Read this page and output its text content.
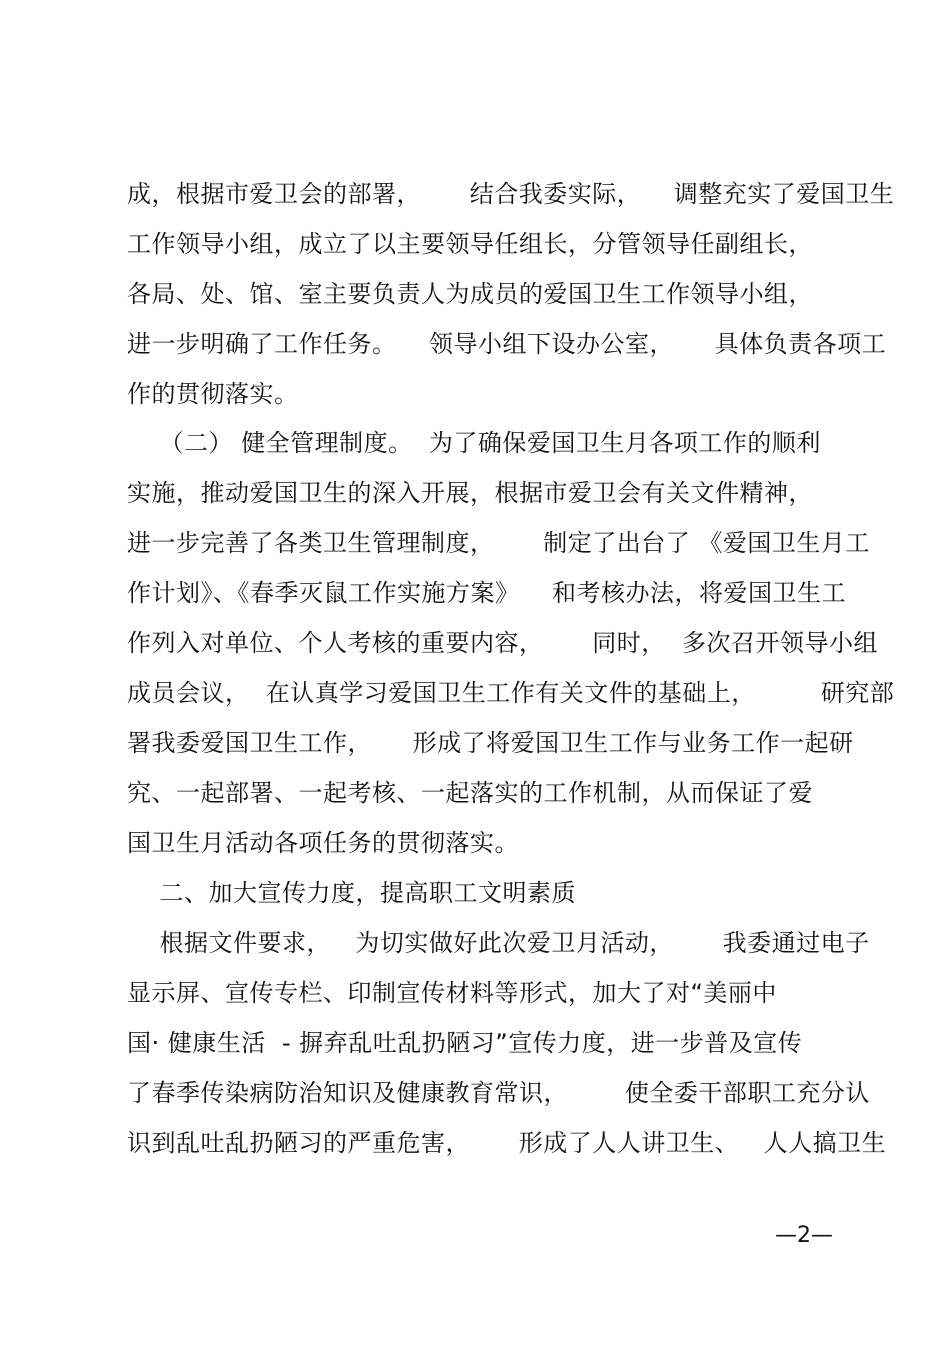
成，根据市爱卫会的部署，      结合我委实际，    调整充实了爱国卫生
工作领导小组，成立了以主要领导任组长，分管领导任副组长，
各局、处、馆、室主要负责人为成员的爱国卫生工作领导小组，
进一步明确了工作任务。    领导小组下设办公室，     具体负责各项工
作的贯彻落实。
（二） 健全管理制度。  为了确保爱国卫生月各项工作的顺利
实施，推动爱国卫生的深入开展，根据市爱卫会有关文件精神，
进一步完善了各类卫生管理制度，      制定了出台了 《爱国卫生月工
作计划》、《春季灭鼠工作实施方案》    和考核办法，将爱国卫生工
作列入对单位、个人考核的重要内容，      同时，  多次召开领导小组
成员会议，  在认真学习爱国卫生工作有关文件的基础上，        研究部
署我委爱国卫生工作，     形成了将爱国卫生工作与业务工作一起研
究、一起部署、一起考核、一起落实的工作机制，从而保证了爱
国卫生月活动各项任务的贯彻落实。
二、加大宣传力度，提高职工文明素质
根据文件要求，   为切实做好此次爱卫月活动，      我委通过电子
显示屏、宣传专栏、印制宣传材料等形式，加大了对“美丽中
国· 健康生活  - 摒弃乱吐乱扔陋习”宣传力度，进一步普及宣传
了春季传染病防治知识及健康教育常识，       使全委干部职工充分认
识到乱吐乱扔陋习的严重危害，      形成了人人讲卫生、   人人搞卫生
—2—
